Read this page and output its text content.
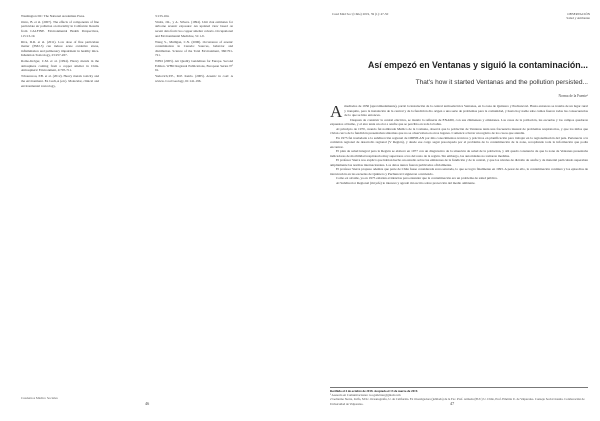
Washington DC: The National Academies Press.
Ostro, B. et al. (2007). The effects of components of fine particulate air pollution on mortality in California: Results from CALFINE. Environmental Health Perspectives, 115:13-19.
Riva, D.R. et al. (2011). Low dose of fine particulate matter (PM2.5) can induce acute oxidative stress, inflammation and pulmonary impairment in healthy mice. Inhalation Toxicology, 23:257-267.
Romo-Kröger, C.M. et al. (1994). Heavy metals in the atmosphere coming from a copper smelter in Chile. Atmospheric Environment, 4:705-711.
Tchounwou, P.B. et al. (2012). Heavy metals toxicity and the environment. En Luch,A (ed.). Molecular, clinical and environmental toxicology,
3:133-164.
Vinitz, J.R., y A. Silvers. (1994). Unit risk estimates for airborne arsenic exposure: An updated view based on recent data from two copper smelter cohorts. Occupational and Environmental Medicine, 51:1-9.
Wang S., Mulligan, C.N. (2006). Occurrence of arsenic contamination in Canada: Sources, behavior and distribution. Science of the Total Environment, 366:701-721.
WHO (2005). Air Quality Guidelines for Europe. Second Edition. WHO Regional Publications, European Series N° 91.
Yudovich,Y.E., M.P. Ketris. (2005). Arsenic in coal: A review. Coal Geology, 61:141-196.
Cuadernos Médico Sociales
46
Cuad Méd Soc (Chile) 2019, 59 (1): 47-50	OBSERVACIÓN
Salud y Ambiente
Así empezó en Ventanas y siguió la contaminación...
That's how it started Ventanas and the pollution persisted...
Norma de la Fuente¹

Amediados de 1956 (aproximadamente), partió la instalación de la central termoeléctrica Ventanas, en la zona de Quintero y Puchuncaví. Hasta entonces se trataba de un lugar rural y tranquilo, pero la instalación de la central y de la fundición dio origen a una serie de problemas para la comunidad, y hasta hoy nadie sabe cuáles fueron todas las consecuencias de lo que se hizo entonces.

Después de construir la central eléctrica, se instaló la refinería de ENAMI, con sus chimeneas y emisiones. Las casas de la población, las escuelas y los campos quedaron expuestos al humo, y el aire tenía un olor a azufre que se percibía en toda la bahía.

Al principio de 1970, cuando fui nombrada Médico de la Comuna, observé que la población de Ventanas tenía una frecuencia inusual de problemas respiratorios, y que los niños que vivían cerca de la fundición presentaban síntomas que no se observaban en otros lugares. Comencé a llevar un registro de los casos que atendía.

En 1975 fui trasladada a la subdirección regional de ODEPLAN por mis conocimientos técnicos y prácticos en planificación para trabajar en la regionalización del país. Pertenecía a la comisión regional de desarrollo regional (V Región), y desde ese cargo seguí preocupada por el problema de la contaminación de la zona, recopilando toda la información que podía encontrar.

El plan de salud integral para la Región se elaboró en 1977 con un diagnóstico de la situación de salud de la población, y allí quedó constancia de que la zona de Ventanas presentaba indicadores de morbilidad respiratoria muy superiores a los del resto de la región. Sin embargo, las autoridades no tomaron medidas.

El profesor Sierra nos explicó que habían hecho un estudio sobre las emisiones de la fundición y de la central, y que los niveles de dióxido de azufre y de material particulado superaban ampliamente las normas internacionales. Los datos nunca fueron publicados oficialmente.

El profesor Sierra propuso además que parte de Chile fuese considerada zona saturada, lo que se logró finalmente en 1993. A pesar de ello, la contaminación continuó y los episodios de intoxicación en las escuelas de Quintero y Puchuncaví siguieron ocurriendo.

Como ex alcalde, ya en 1975 existían evidencias para entender que la contaminación era un problema de salud pública.

Al Subdirector Regional (mi jefe) le interesó y agradó mi escrito sobre protección del medio ambiente.

Recibido el 4 de octubre de 2018. Aceptado el 13 de marzo de 2019.

¹ Asesoría en Comunicaciones: n.a.gutiérrez@gmail.com

2 Gobierno Sierra, Zolfa, M.Sc. Oceanografía, U. de California. Ex investigadora (jubilada) de la Fac. Prof. Armada (PUC) U. Chile, Prof. Emérita U. de Valparaíso. Consejo Social Jesuita. Colaboración de Universidad de Valparaíso.	47
